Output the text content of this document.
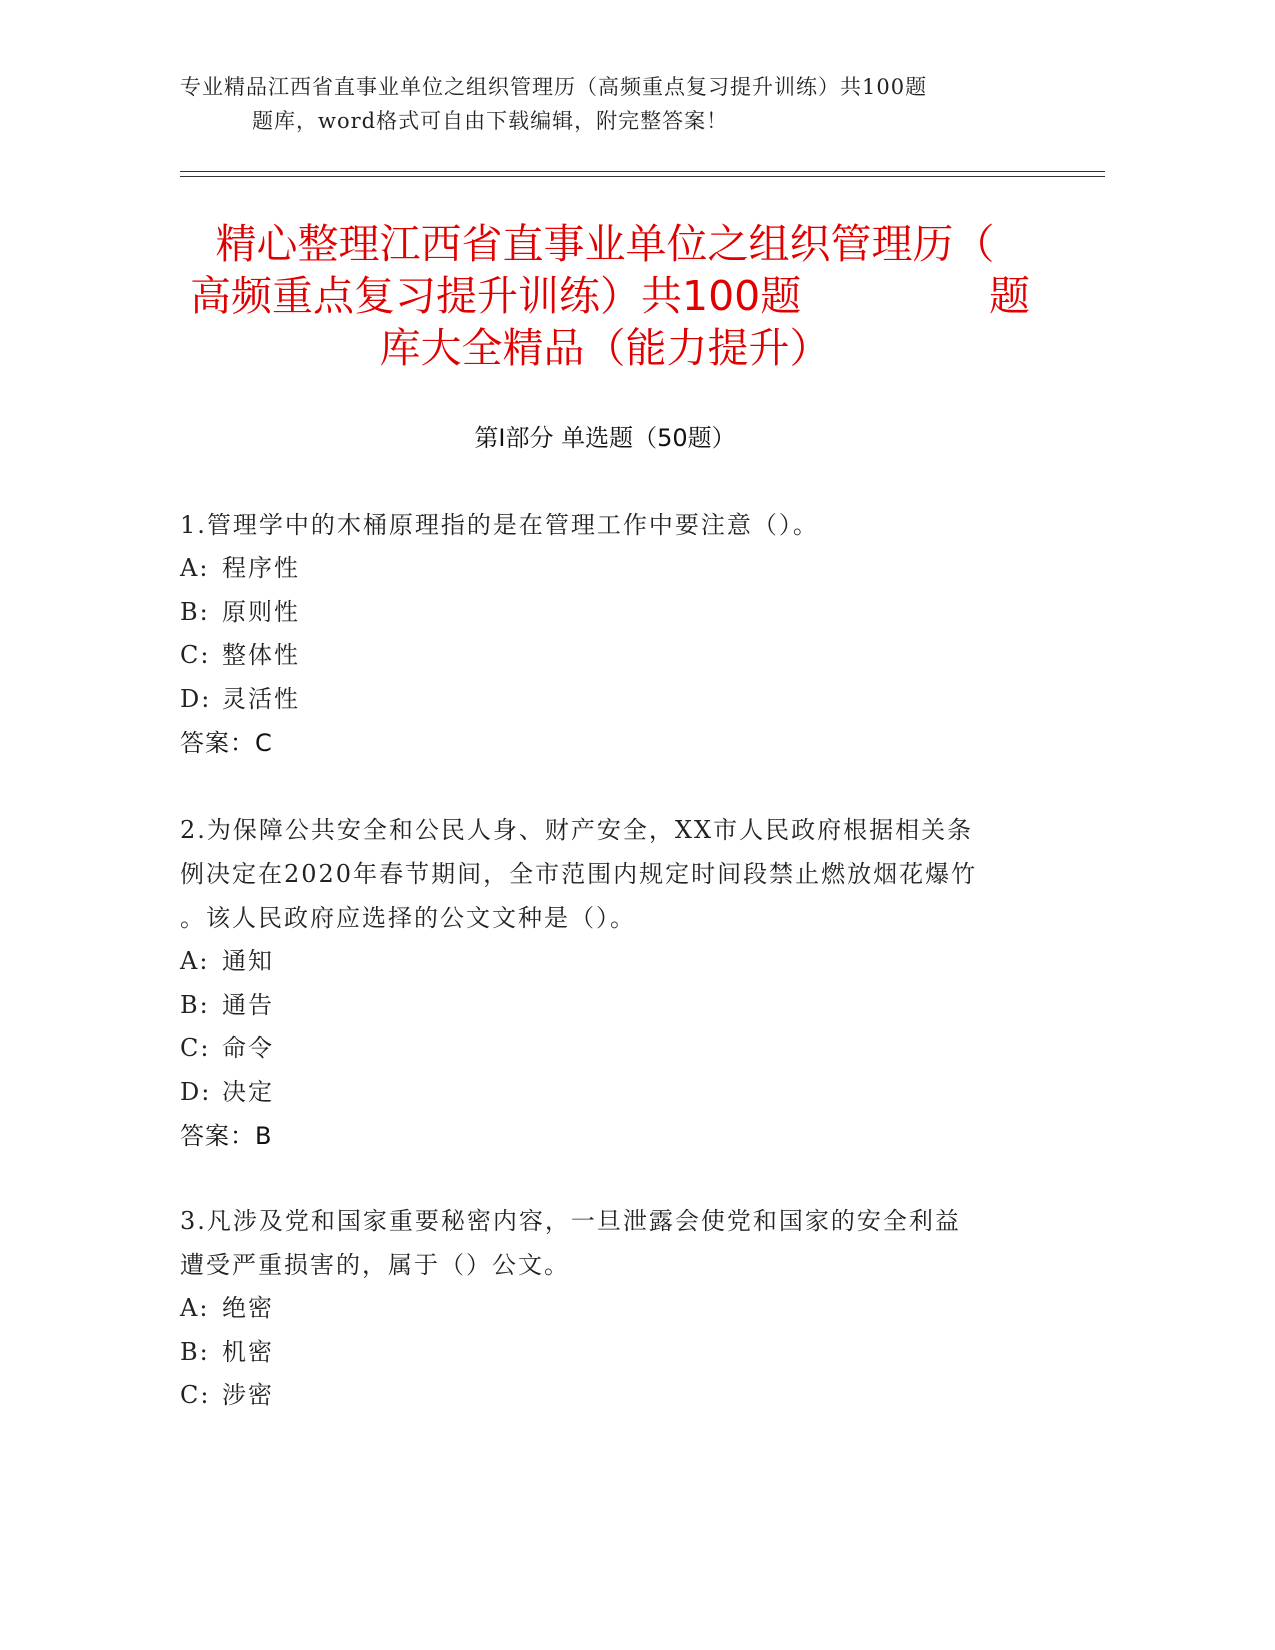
专业精品江西省直事业单位之组织管理历（高频重点复习提升训练）共100题
题库，word格式可自由下载编辑，附完整答案！
精心整理江西省直事业单位之组织管理历（
高频重点复习提升训练）共100题	题
库大全精品（能力提升）
第Ⅰ部分 单选题（50题）
1.管理学中的木桶原理指的是在管理工作中要注意（）。
A: 程序性
B: 原则性
C: 整体性
D: 灵活性
答案：C
2.为保障公共安全和公民人身、财产安全，XX市人民政府根据相关条
例决定在2020年春节期间，全市范围内规定时间段禁止燃放烟花爆竹
。该人民政府应选择的公文文种是（）。
A: 通知
B: 通告
C: 命令
D: 决定
答案：B
3.凡涉及党和国家重要秘密内容，一旦泄露会使党和国家的安全利益
遭受严重损害的，属于（）公文。
A: 绝密
B: 机密
C: 涉密
